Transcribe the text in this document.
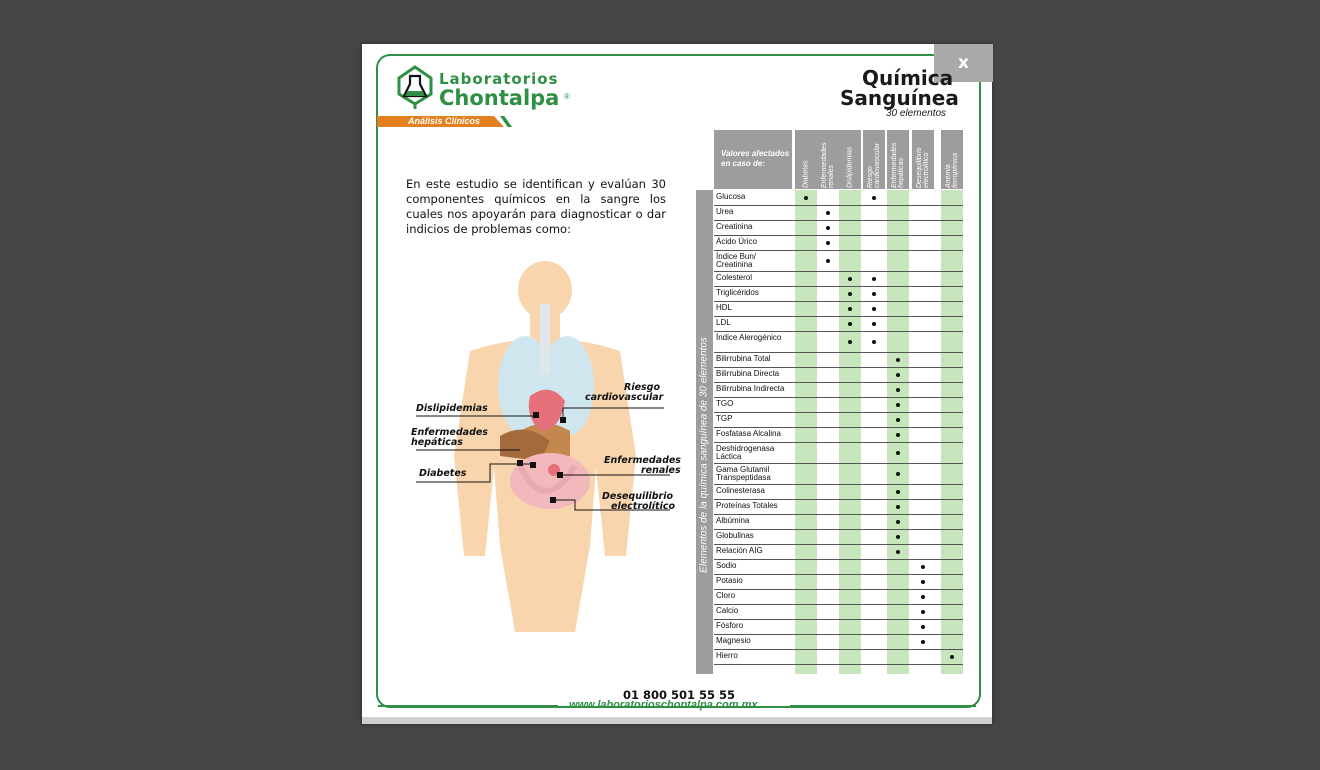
x
Laboratorios
Chontalpa ®
Análisis Clínicos
Química
Sanguínea
30 elementos
En este estudio se identifican y evalúan 30 componentes químicos en la sangre los cuales nos apoyarán para diagnosticar o dar indicios de problemas como:
Dislipidemias
Riesgo
cardiovascular
Enfermedades
hepáticas
Diabetes
Enfermedades
renales
Desequilibrio
electrolítico Elementos de la química sanguínea de 30 elementos
Valores afectados en caso de:	Diabetes Enfermedades renales Dislipidemias Riesgo cardiovascular Enfermedades hepáticas Desequilibrio electrolítico Anemia ferropénica
Glucosa
Urea
Creatinina
Ácido Úrico
Índice Bun/ Creatinina
Colesterol
Triglicéridos
HDL
LDL
Índice Alerogénico
Bilirrubina Total
Bilirrubina Directa
Bilirrubina Indirecta
TGO
TGP
Fosfatasa Alcalina
Deshidrogenasa Láctica
Gama Glutamil Transpeptidasa
Colinesterasa
Proteínas Totales
Albúmina
Globulinas
Relación AIG
Sodio
Potasio
Cloro
Calcio
Fósforo
Magnesio
Hierro
01 800 501 55 55
www.laboratorioschontalpa.com.mx
